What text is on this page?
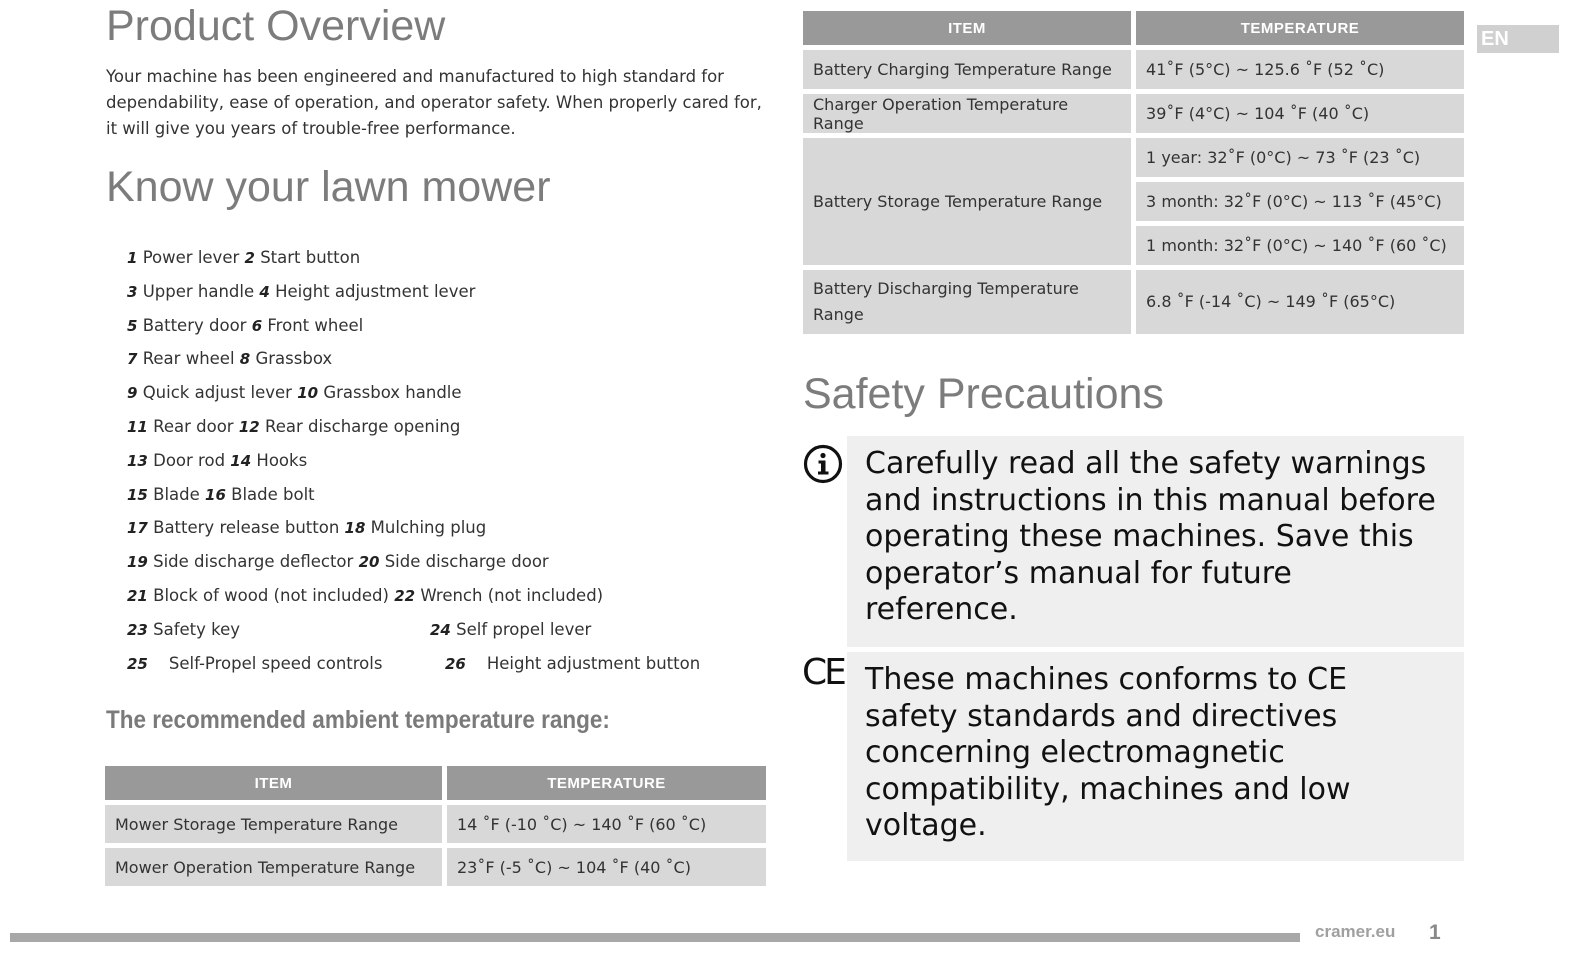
Product Overview

Your machine has been engineered and manufactured to high standard for dependability, ease of operation, and operator safety. When properly cared for, it will give you years of trouble-free performance.

Know your lawn mower
1 Power lever 2 Start button
3 Upper handle 4 Height adjustment lever
5 Battery door 6 Front wheel
7 Rear wheel 8 Grassbox
9 Quick adjust lever 10 Grassbox handle
11 Rear door 12 Rear discharge opening
13 Door rod 14 Hooks
15 Blade 16 Blade bolt
17 Battery release button 18 Mulching plug
19 Side discharge deflector 20 Side discharge door
21 Block of wood (not included) 22 Wrench (not included)
23 Safety key	24 Self propel lever
25 Self-Propel speed controls	26 Height adjustment button
The recommended ambient temperature range:
ITEM	TEMPERATURE
Mower Storage Temperature Range	14 ˚F (-10 ˚C) ~ 140 ˚F (60 ˚C)
Mower Operation Temperature Range	23˚F (-5 ˚C) ~ 104 ˚F (40 ˚C)
ITEM	TEMPERATURE
Battery Charging Temperature Range	41˚F (5°C) ~ 125.6 ˚F (52 ˚C)
Charger Operation Temperature Range	39˚F (4°C) ~ 104 ˚F (40 ˚C)
Battery Storage Temperature Range	1 year: 32˚F (0°C) ~ 73 ˚F (23 ˚C)
	3 month: 32˚F (0°C) ~ 113 ˚F (45°C)
	1 month: 32˚F (0°C) ~ 140 ˚F (60 ˚C)
Battery Discharging Temperature Range	6.8 ˚F (-14 ˚C) ~ 149 ˚F (65°C)
EN
Safety Precautions
Carefully read all the safety warnings and instructions in this manual before operating these machines. Save this operator’s manual for future reference.
CE These machines conforms to CE safety standards and directives concerning electromagnetic compatibility, machines and low voltage.
cramer.eu 1
